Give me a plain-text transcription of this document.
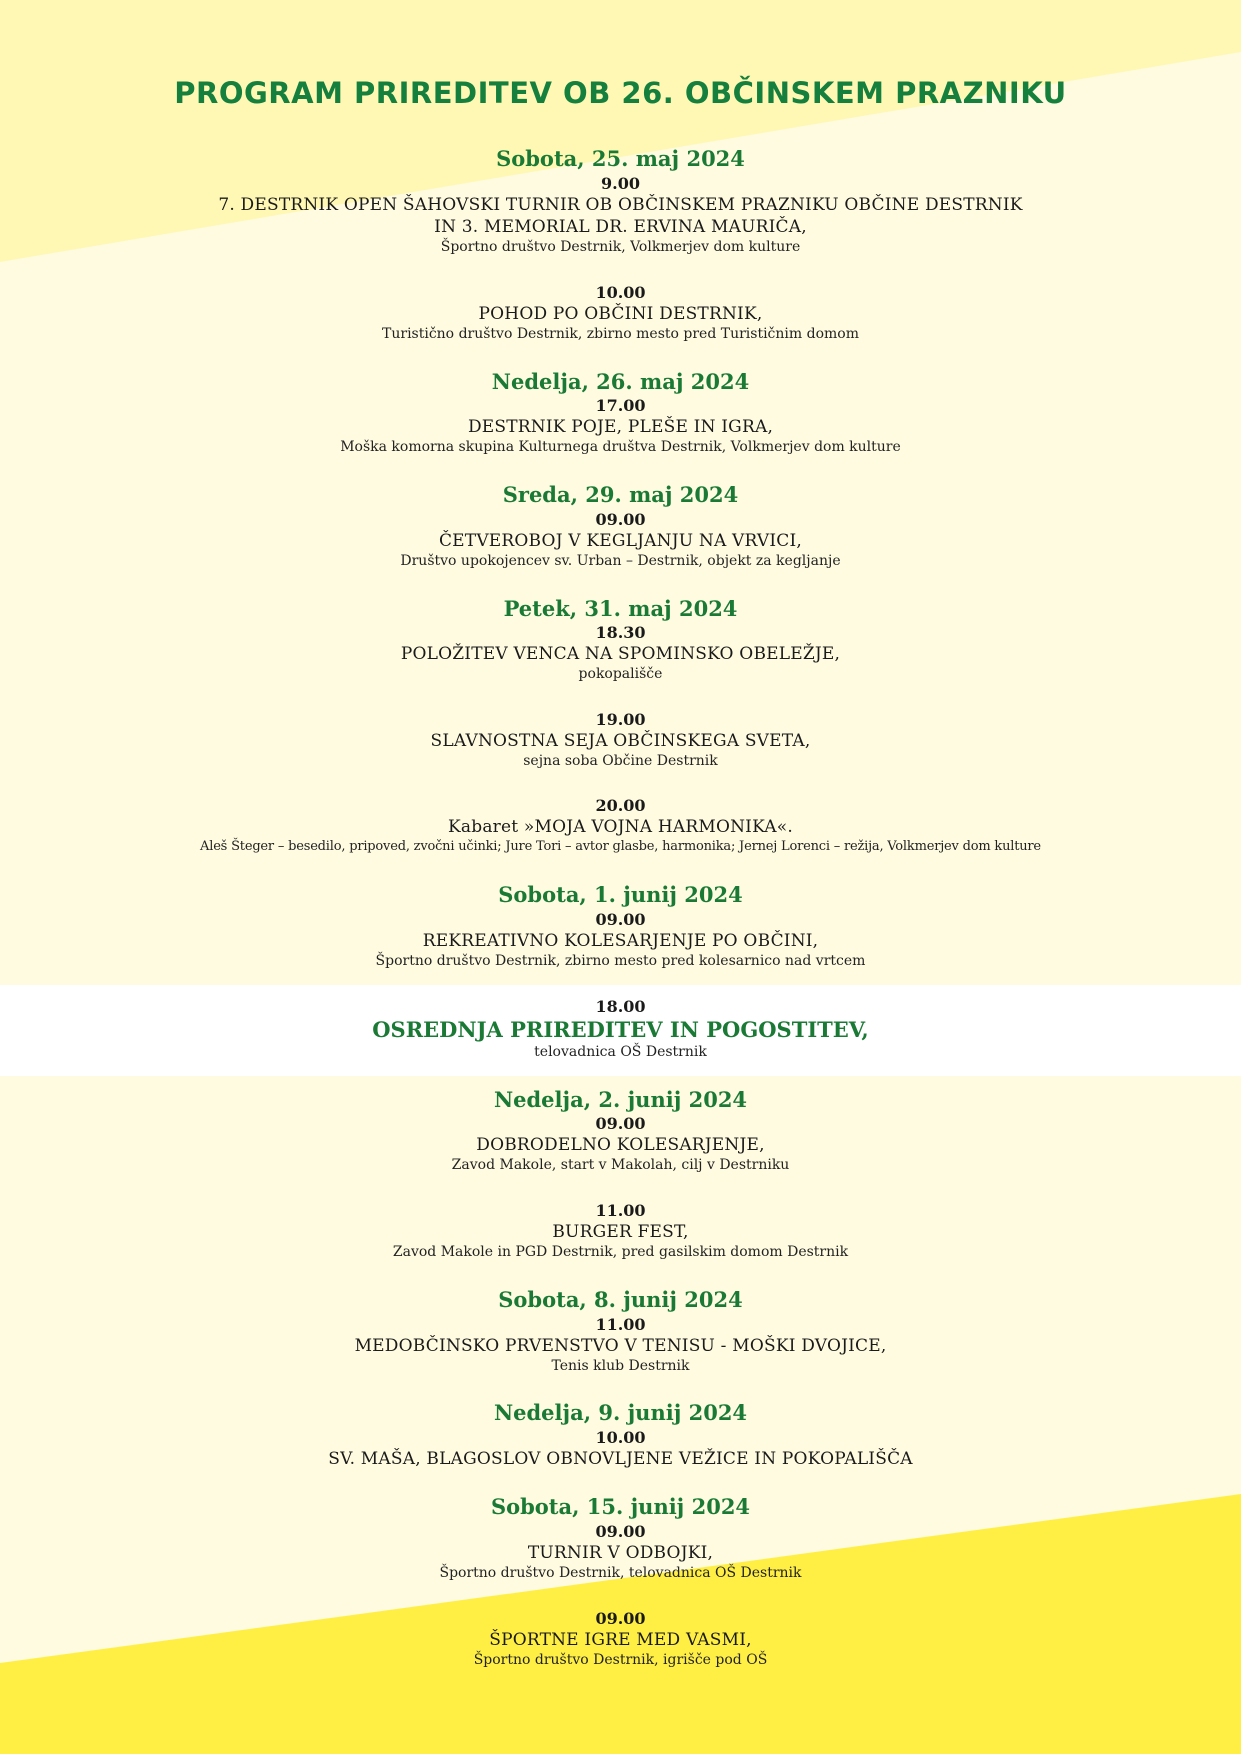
PROGRAM PRIREDITEV OB 26. OBČINSKEM PRAZNIKU
Sobota, 25. maj 2024
9.00
7. DESTRNIK OPEN ŠAHOVSKI TURNIR OB OBČINSKEM PRAZNIKU OBČINE DESTRNIK
IN 3. MEMORIAL DR. ERVINA MAURIČA,
Športno društvo Destrnik, Volkmerjev dom kulture
10.00
POHOD PO OBČINI DESTRNIK,
Turistično društvo Destrnik, zbirno mesto pred Turističnim domom
Nedelja, 26. maj 2024
17.00
DESTRNIK POJE, PLEŠE IN IGRA,
Moška komorna skupina Kulturnega društva Destrnik, Volkmerjev dom kulture
Sreda, 29. maj 2024
09.00
ČETVEROBOJ V KEGLJANJU NA VRVICI,
Društvo upokojencev sv. Urban – Destrnik, objekt za kegljanje
Petek, 31. maj 2024
18.30
POLOŽITEV VENCA NA SPOMINSKO OBELEŽJE,
pokopališče
19.00
SLAVNOSTNA SEJA OBČINSKEGA SVETA,
sejna soba Občine Destrnik
20.00
Kabaret »MOJA VOJNA HARMONIKA«.
Aleš Šteger – besedilo, pripoved, zvočni učinki; Jure Tori – avtor glasbe, harmonika; Jernej Lorenci – režija, Volkmerjev dom kulture
Sobota, 1. junij 2024
09.00
REKREATIVNO KOLESARJENJE PO OBČINI,
Športno društvo Destrnik, zbirno mesto pred kolesarnico nad vrtcem
18.00
OSREDNJA PRIREDITEV IN POGOSTITEV,
telovadnica OŠ Destrnik
Nedelja, 2. junij 2024
09.00
DOBRODELNO KOLESARJENJE,
Zavod Makole, start v Makolah, cilj v Destrniku
11.00
BURGER FEST,
Zavod Makole in PGD Destrnik, pred gasilskim domom Destrnik
Sobota, 8. junij 2024
11.00
MEDOBČINSKO PRVENSTVO V TENISU - MOŠKI DVOJICE,
Tenis klub Destrnik
Nedelja, 9. junij 2024
10.00
SV. MAŠA, BLAGOSLOV OBNOVLJENE VEŽICE IN POKOPALIŠČA
Sobota, 15. junij 2024
09.00
TURNIR V ODBOJKI,
Športno društvo Destrnik, telovadnica OŠ Destrnik
09.00
ŠPORTNE IGRE MED VASMI,
Športno društvo Destrnik, igrišče pod OŠ
